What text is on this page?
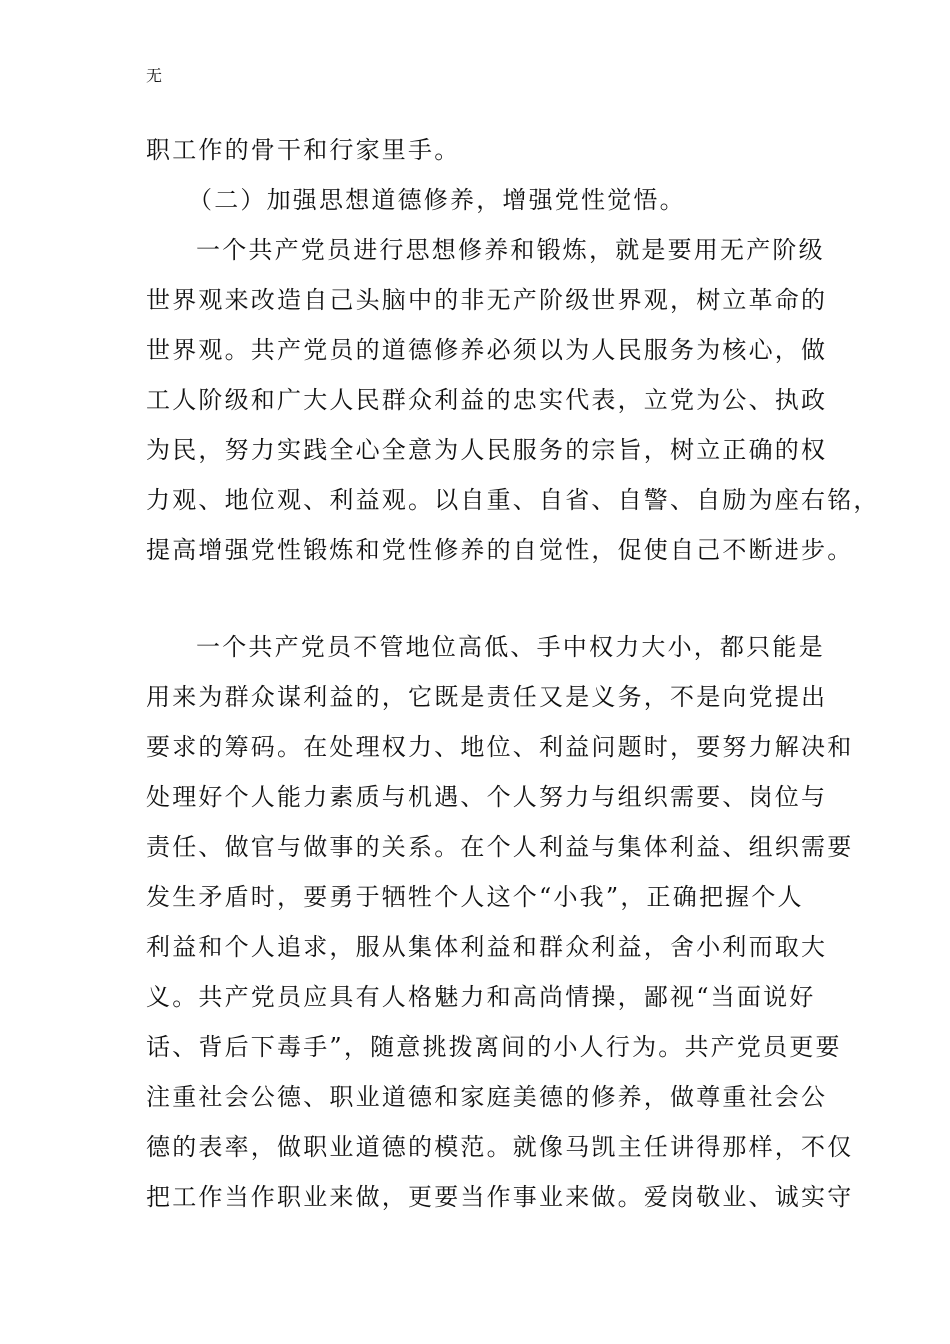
无
职工作的骨干和行家里手。
（二）加强思想道德修养，增强党性觉悟。
一个共产党员进行思想修养和锻炼，就是要用无产阶级
世界观来改造自己头脑中的非无产阶级世界观，树立革命的
世界观。共产党员的道德修养必须以为人民服务为核心，做
工人阶级和广大人民群众利益的忠实代表，立党为公、执政
为民，努力实践全心全意为人民服务的宗旨，树立正确的权
力观、地位观、利益观。以自重、自省、自警、自励为座右铭，
提高增强党性锻炼和党性修养的自觉性，促使自己不断进步。
一个共产党员不管地位高低、手中权力大小，都只能是
用来为群众谋利益的，它既是责任又是义务，不是向党提出
要求的筹码。在处理权力、地位、利益问题时，要努力解决和
处理好个人能力素质与机遇、个人努力与组织需要、岗位与
责任、做官与做事的关系。在个人利益与集体利益、组织需要
发生矛盾时，要勇于牺牲个人这个“小我”，正确把握个人
利益和个人追求，服从集体利益和群众利益，舍小利而取大
义。共产党员应具有人格魅力和高尚情操，鄙视“当面说好
话、背后下毒手”，随意挑拨离间的小人行为。共产党员更要
注重社会公德、职业道德和家庭美德的修养，做尊重社会公
德的表率，做职业道德的模范。就像马凯主任讲得那样，不仅
把工作当作职业来做，更要当作事业来做。爱岗敬业、诚实守
